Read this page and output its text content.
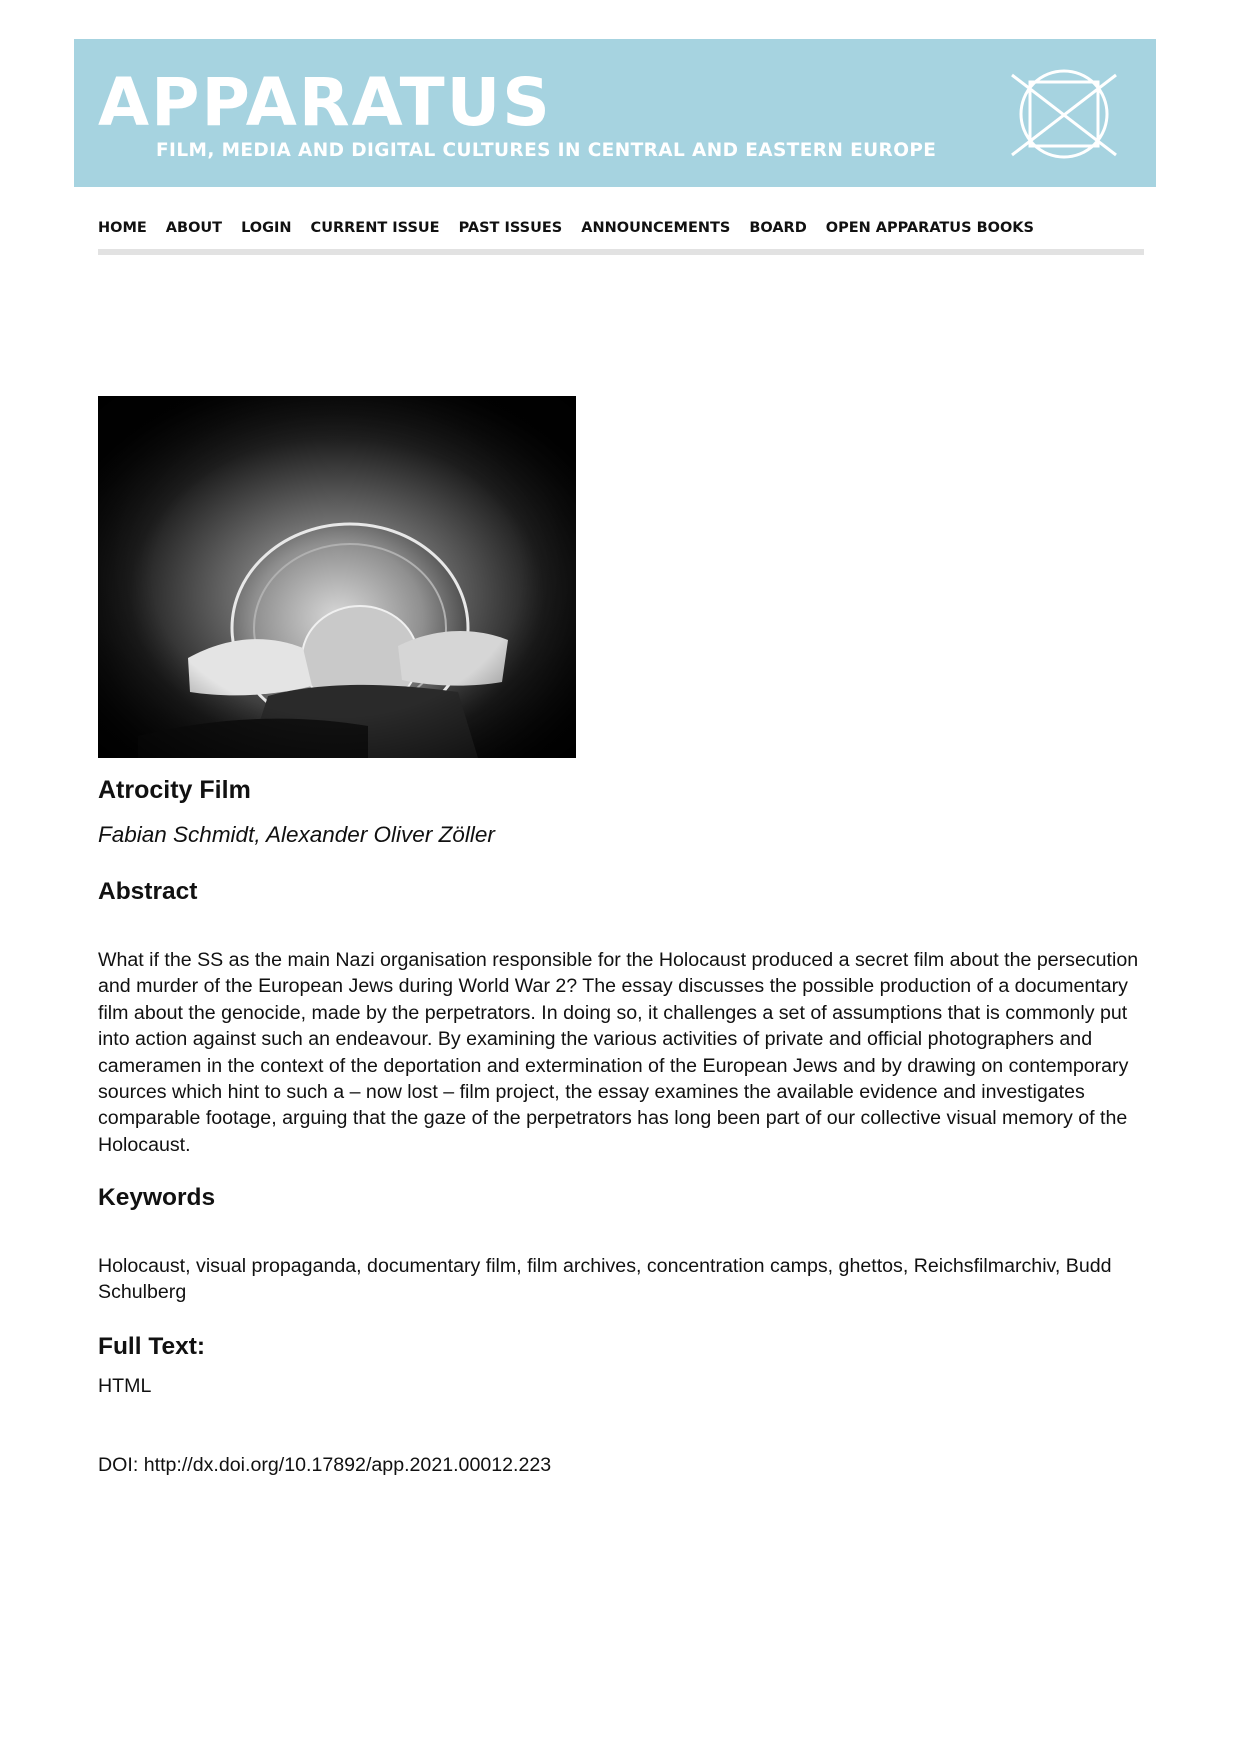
APPARATUS
FILM, MEDIA AND DIGITAL CULTURES IN CENTRAL AND EASTERN EUROPE
HOME ABOUT LOGIN CURRENT ISSUE PAST ISSUES ANNOUNCEMENTS BOARD OPEN APPARATUS BOOKS
Atrocity Film
Fabian Schmidt, Alexander Oliver Zöller
Abstract

What if the SS as the main Nazi organisation responsible for the Holocaust produced a secret film about the persecution and murder of the European Jews during World War 2? The essay discusses the possible production of a documentary film about the genocide, made by the perpetrators. In doing so, it challenges a set of assumptions that is commonly put into action against such an endeavour. By examining the various activities of private and official photographers and cameramen in the context of the deportation and extermination of the European Jews and by drawing on contemporary sources which hint to such a – now lost – film project, the essay examines the available evidence and investigates comparable footage, arguing that the gaze of the perpetrators has long been part of our collective visual memory of the Holocaust.

Keywords

Holocaust, visual propaganda, documentary film, film archives, concentration camps, ghettos, Reichsfilmarchiv, Budd Schulberg

Full Text:
HTML
DOI: http://dx.doi.org/10.17892/app.2021.00012.223
